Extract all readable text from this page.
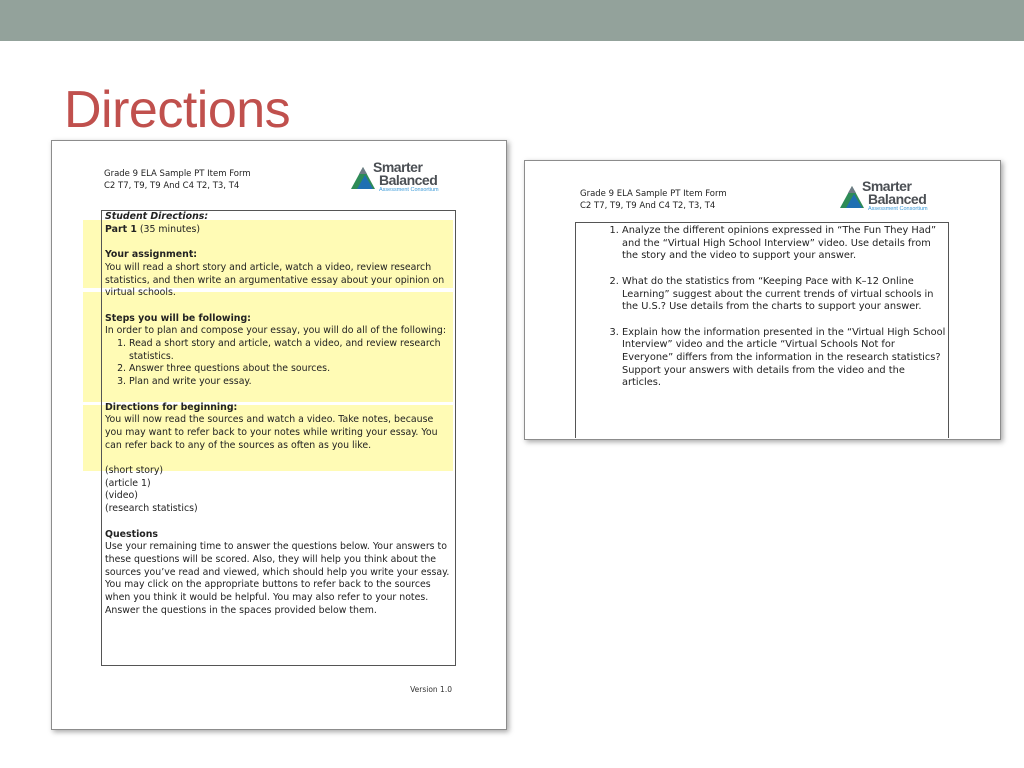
Directions
Grade 9 ELA Sample PT Item Form
C2 T7, T9, T9 And C4 T2, T3, T4
Smarter
Balanced
Assessment Consortium

Student Directions:

Part 1 (35 minutes)

Your assignment:

You will read a short story and article, watch a video, review research statistics, and then write an argumentative essay about your opinion on virtual schools.

Steps you will be following:

In order to plan and compose your essay, you will do all of the following:

1. Read a short story and article, watch a video, and review research statistics.
2. Answer three questions about the sources.
3. Plan and write your essay.

Directions for beginning:

You will now read the sources and watch a video. Take notes, because you may want to refer back to your notes while writing your essay. You can refer back to any of the sources as often as you like.

(short story)

(article 1)

(video)

(research statistics)

Questions

Use your remaining time to answer the questions below. Your answers to these questions will be scored. Also, they will help you think about the sources you’ve read and viewed, which should help you write your essay. You may click on the appropriate buttons to refer back to the sources when you think it would be helpful. You may also refer to your notes. Answer the questions in the spaces provided below them.

Version 1.0
Grade 9 ELA Sample PT Item Form
C2 T7, T9, T9 And C4 T2, T3, T4
Smarter
Balanced
Assessment Consortium
1. Analyze the different opinions expressed in “The Fun They Had” and the “Virtual High School Interview” video. Use details from the story and the video to support your answer.
2. What do the statistics from “Keeping Pace with K–12 Online Learning” suggest about the current trends of virtual schools in the U.S.? Use details from the charts to support your answer.
3. Explain how the information presented in the “Virtual High School Interview” video and the article “Virtual Schools Not for Everyone” differs from the information in the research statistics? Support your answers with details from the video and the articles.
